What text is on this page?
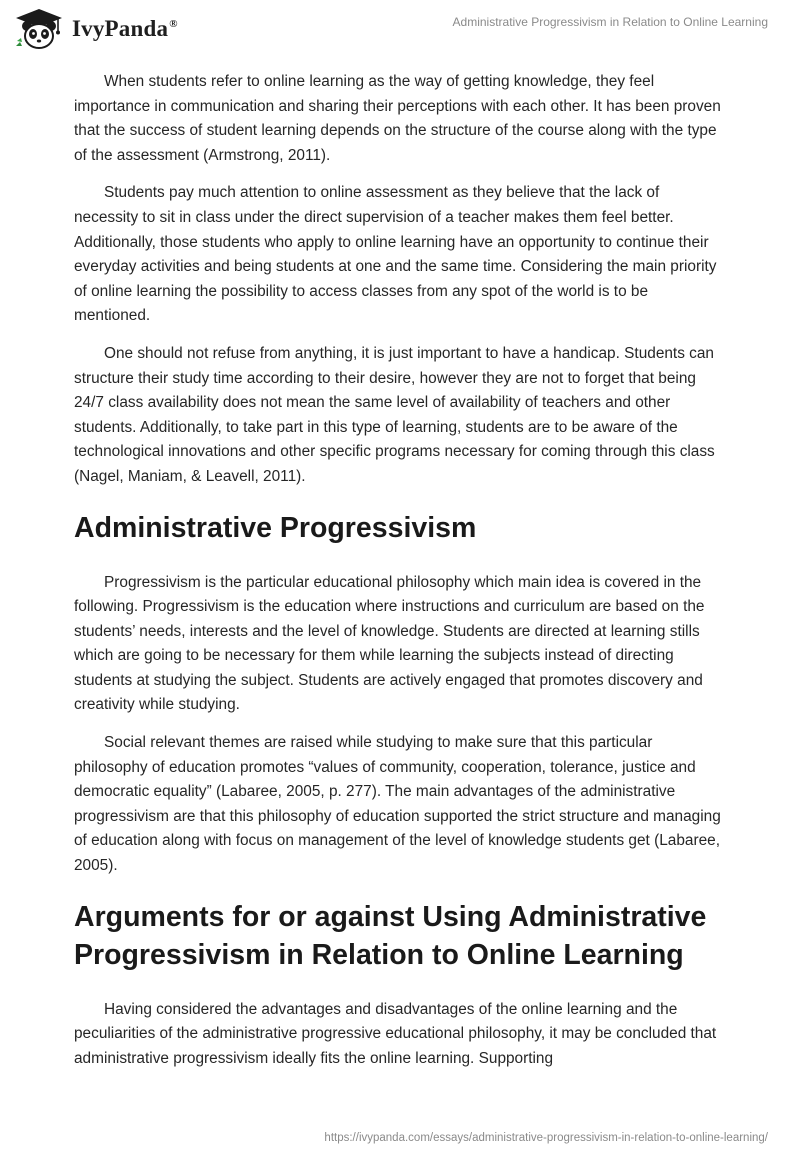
IvyPanda®	Administrative Progressivism in Relation to Online Learning

When students refer to online learning as the way of getting knowledge, they feel importance in communication and sharing their perceptions with each other. It has been proven that the success of student learning depends on the structure of the course along with the type of the assessment (Armstrong, 2011).

Students pay much attention to online assessment as they believe that the lack of necessity to sit in class under the direct supervision of a teacher makes them feel better. Additionally, those students who apply to online learning have an opportunity to continue their everyday activities and being students at one and the same time. Considering the main priority of online learning the possibility to access classes from any spot of the world is to be mentioned.

One should not refuse from anything, it is just important to have a handicap. Students can structure their study time according to their desire, however they are not to forget that being 24/7 class availability does not mean the same level of availability of teachers and other students. Additionally, to take part in this type of learning, students are to be aware of the technological innovations and other specific programs necessary for coming through this class (Nagel, Maniam, & Leavell, 2011).

Administrative Progressivism

Progressivism is the particular educational philosophy which main idea is covered in the following. Progressivism is the education where instructions and curriculum are based on the students’ needs, interests and the level of knowledge. Students are directed at learning stills which are going to be necessary for them while learning the subjects instead of directing students at studying the subject. Students are actively engaged that promotes discovery and creativity while studying.

Social relevant themes are raised while studying to make sure that this particular philosophy of education promotes “values of community, cooperation, tolerance, justice and democratic equality” (Labaree, 2005, p. 277). The main advantages of the administrative progressivism are that this philosophy of education supported the strict structure and managing of education along with focus on management of the level of knowledge students get (Labaree, 2005).

Arguments for or against Using Administrative Progressivism in Relation to Online Learning

Having considered the advantages and disadvantages of the online learning and the peculiarities of the administrative progressive educational philosophy, it may be concluded that administrative progressivism ideally fits the online learning. Supporting

https://ivypanda.com/essays/administrative-progressivism-in-relation-to-online-learning/
